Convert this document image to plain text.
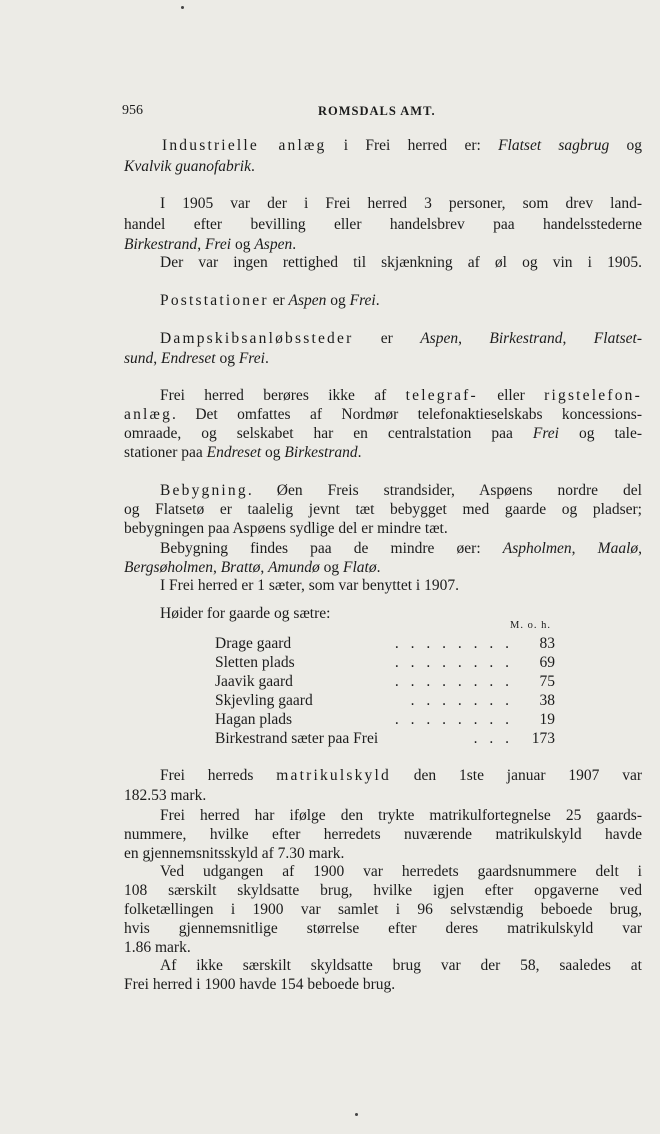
956	ROMSDALS AMT.
Industrielle anlæg i Frei herred er: Flatset sagbrug og
Kvalvik guanofabrik.
I 1905 var der i Frei herred 3 personer, som drev land-
handel efter bevilling eller handelsbrev paa handelsstederne
Birkestrand, Frei og Aspen.
Der var ingen rettighed til skjænkning af øl og vin i 1905.
Poststationer er Aspen og Frei.
Dampskibsanløbssteder er Aspen, Birkestrand, Flatset-
sund, Endreset og Frei.
Frei herred berøres ikke af telegraf- eller rigstelefon-
anlæg. Det omfattes af Nordmør telefonaktieselskabs koncessions-
omraade, og selskabet har en centralstation paa Frei og tale-
stationer paa Endreset og Birkestrand.
Bebygning. Øen Freis strandsider, Aspøens nordre del
og Flatsetø er taalelig jevnt tæt bebygget med gaarde og pladser;
bebygningen paa Aspøens sydlige del er mindre tæt.
Bebygning findes paa de mindre øer: Aspholmen, Maalø,
Bergsøholmen, Brattø, Amundø og Flatø.
I Frei herred er 1 sæter, som var benyttet i 1907.
Høider for gaarde og sætre:
M. o. h.
Drage gaard	. . . . . . . .	83
Sletten plads	. . . . . . . .	69
Jaavik gaard	. . . . . . . .	75
Skjevling gaard	. . . . . . .	38
Hagan plads	. . . . . . . .	19
Birkestrand sæter paa Frei	. . .	173
Frei herreds matrikulskyld den 1ste januar 1907 var
182.53 mark.
Frei herred har ifølge den trykte matrikulfortegnelse 25 gaards-
nummere, hvilke efter herredets nuværende matrikulskyld havde
en gjennemsnitsskyld af 7.30 mark.
Ved udgangen af 1900 var herredets gaardsnummere delt i
108 særskilt skyldsatte brug, hvilke igjen efter opgaverne ved
folketællingen i 1900 var samlet i 96 selvstændig beboede brug,
hvis gjennemsnitlige størrelse efter deres matrikulskyld var
1.86 mark.
Af ikke særskilt skyldsatte brug var der 58, saaledes at
Frei herred i 1900 havde 154 beboede brug.
